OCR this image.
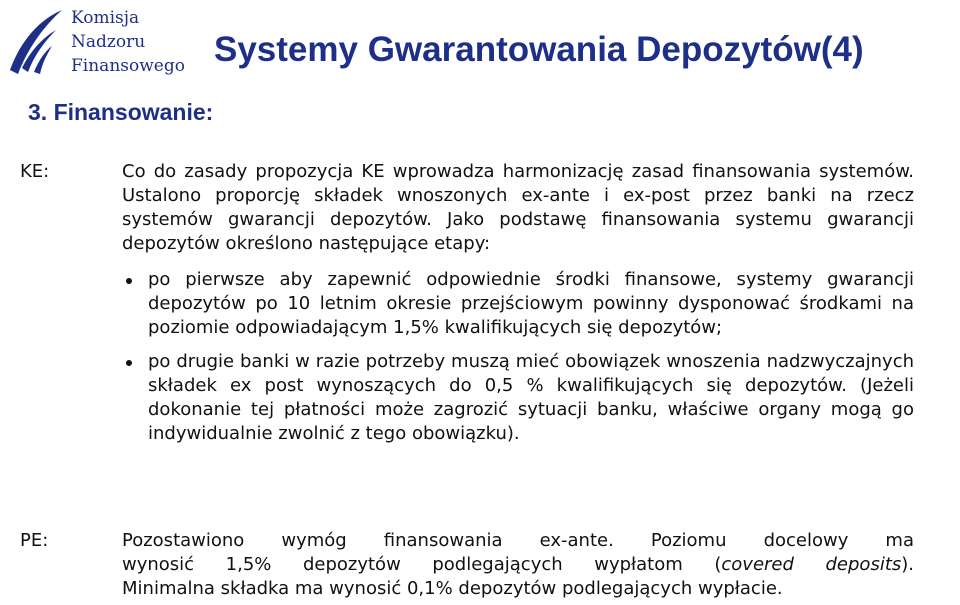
Komisja
Nadzoru
Finansowego Systemy Gwarantowania Depozytów(4)
3. Finansowanie:
KE:	Co do zasady propozycja KE wprowadza harmonizację zasad finansowania systemów. Ustalono proporcję składek wnoszonych ex-ante i ex-post przez banki na rzecz systemów gwarancji depozytów. Jako podstawę finansowania systemu gwarancji depozytów określono następujące etapy:

po pierwsze aby zapewnić odpowiednie środki finansowe, systemy gwarancji depozytów po 10 letnim okresie przejściowym powinny dysponować środkami na poziomie odpowiadającym 1,5% kwalifikujących się depozytów;
po drugie banki w razie potrzeby muszą mieć obowiązek wnoszenia nadzwyczajnych składek ex post wynoszących do 0,5 % kwalifikujących się depozytów. (Jeżeli dokonanie tej płatności może zagrozić sytuacji banku, właściwe organy mogą go indywidualnie zwolnić z tego obowiązku).
PE:	Pozostawiono wymóg finansowania ex-ante. Poziomu docelowy ma
wynosić 1,5% depozytów podlegających wypłatom (covered deposits).
Minimalna składka ma wynosić 0,1% depozytów podlegających wypłacie.
